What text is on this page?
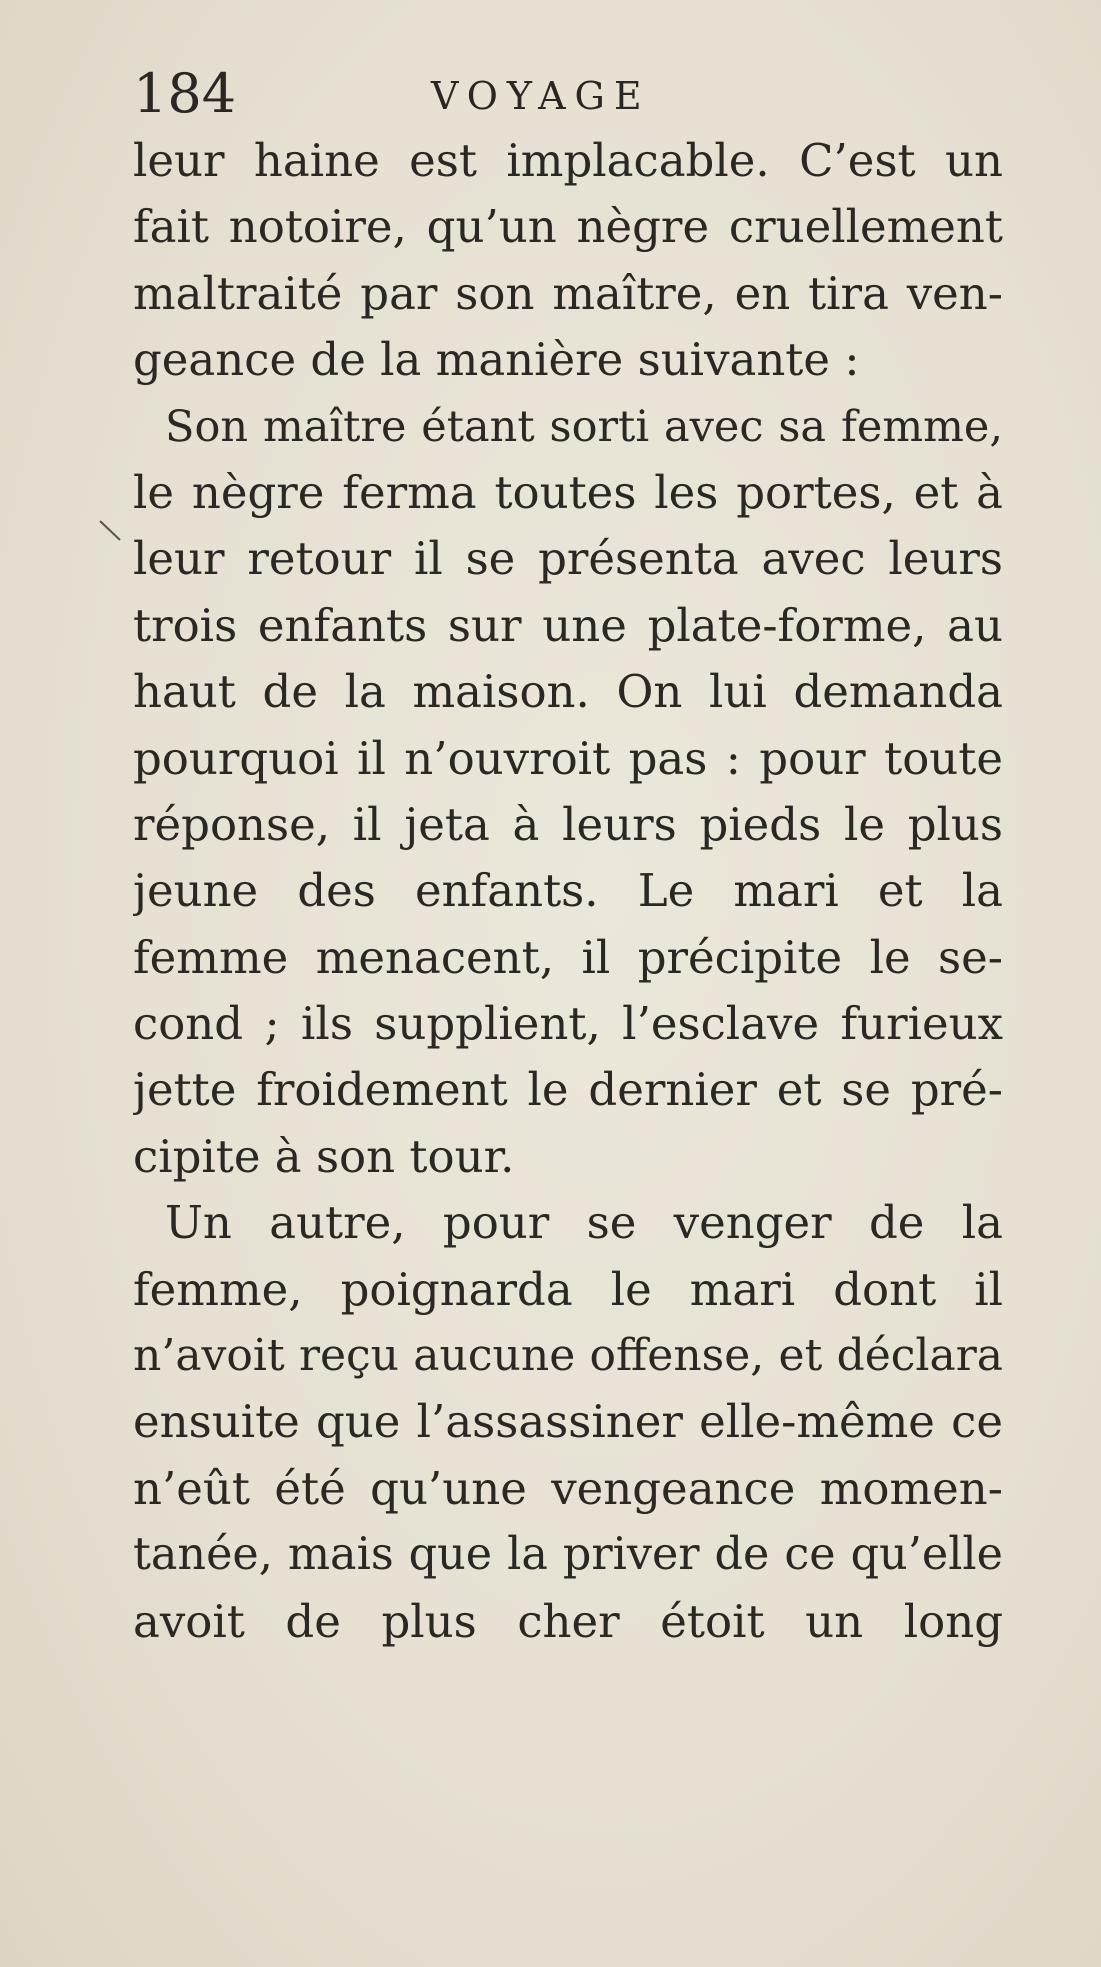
184	VOYAGE
leur haine est implacable. C’est un
fait notoire, qu’un nègre cruellement
maltraité par son maître, en tira ven-
geance de la manière suivante :
Son maître étant sorti avec sa femme,
le nègre ferma toutes les portes, et à
leur retour il se présenta avec leurs
trois enfants sur une plate-forme, au
haut de la maison. On lui demanda
pourquoi il n’ouvroit pas : pour toute
réponse, il jeta à leurs pieds le plus
jeune des enfants. Le mari et la
femme menacent, il précipite le se-
cond ; ils supplient, l’esclave furieux
jette froidement le dernier et se pré-
cipite à son tour.
Un autre, pour se venger de la
femme, poignarda le mari dont il
n’avoit reçu aucune offense, et déclara
ensuite que l’assassiner elle-même ce
n’eût été qu’une vengeance momen-
tanée, mais que la priver de ce qu’elle
avoit de plus cher étoit un long
